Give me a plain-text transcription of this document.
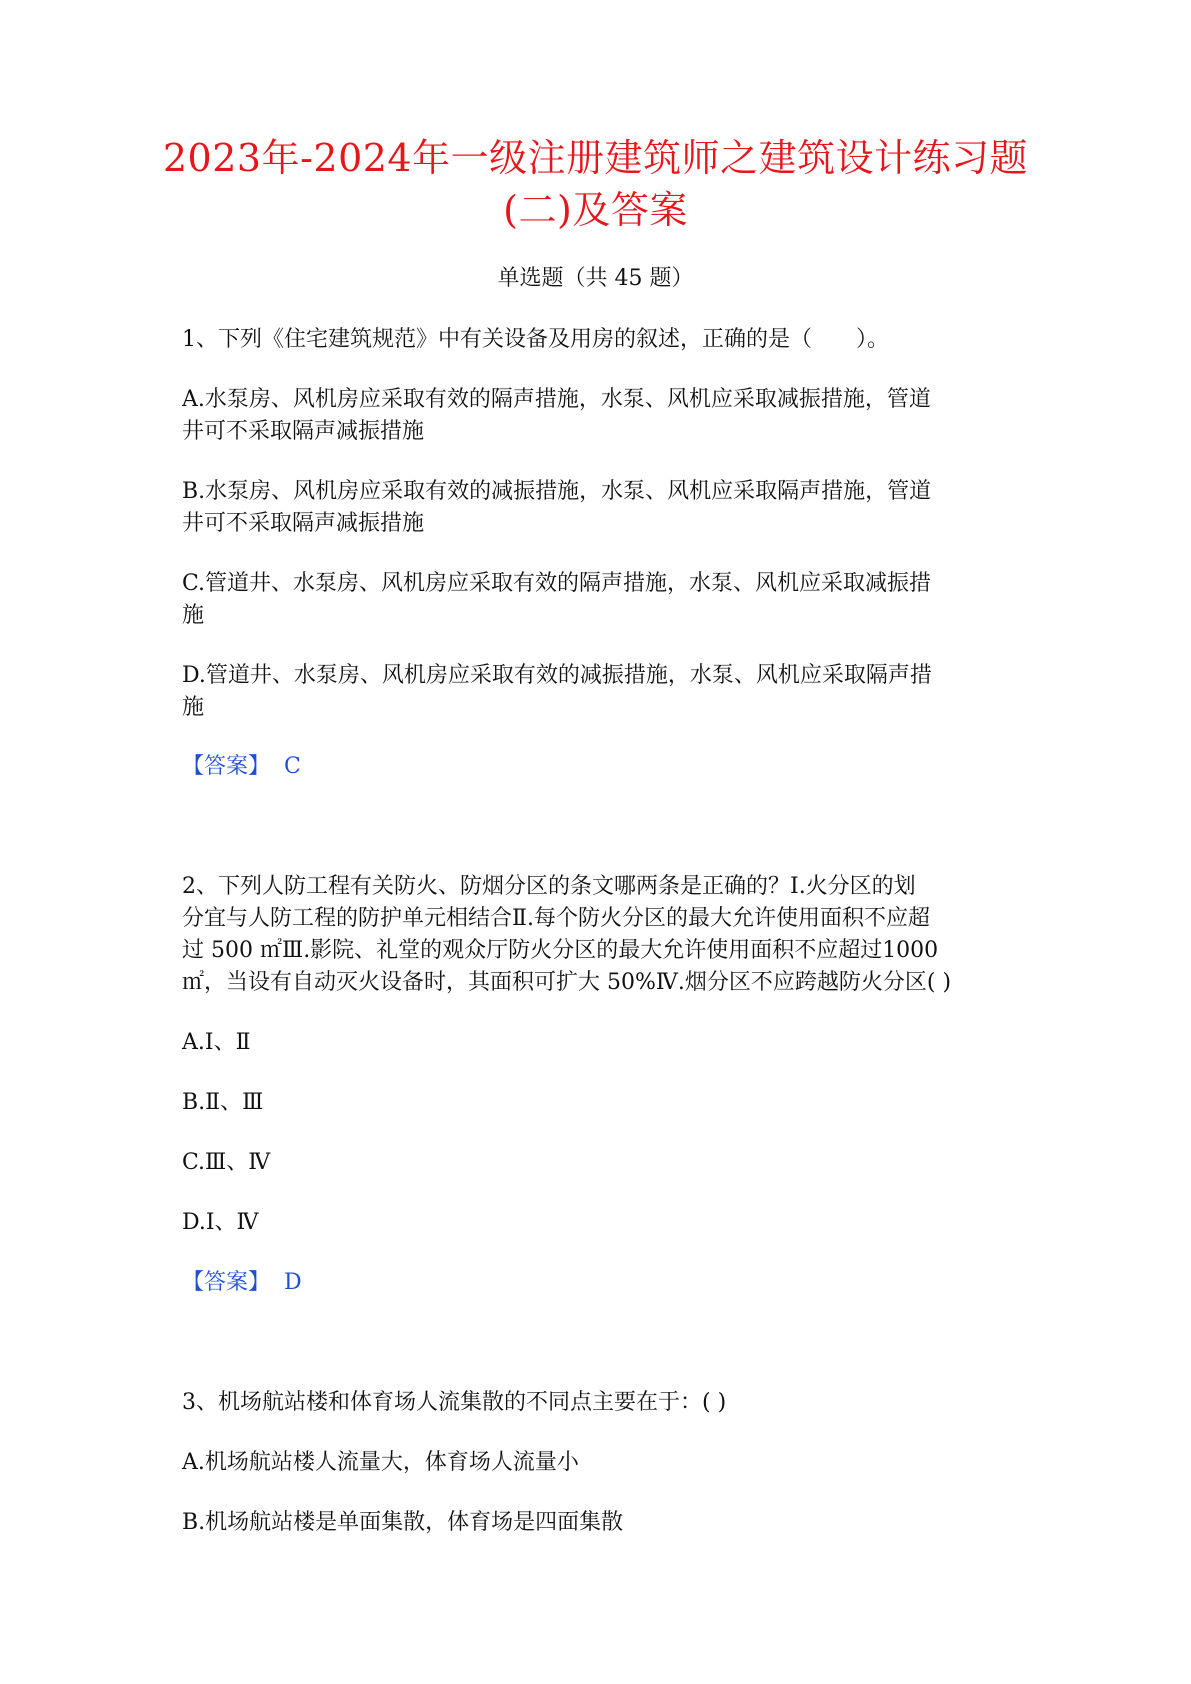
2023年-2024年一级注册建筑师之建筑设计练习题
(二)及答案
单选题（共 45 题）
1、下列《住宅建筑规范》中有关设备及用房的叙述，正确的是（　　）。
A.水泵房、风机房应采取有效的隔声措施，水泵、风机应采取减振措施，管道
井可不采取隔声减振措施
B.水泵房、风机房应采取有效的减振措施，水泵、风机应采取隔声措施，管道
井可不采取隔声减振措施
C.管道井、水泵房、风机房应采取有效的隔声措施，水泵、风机应采取减振措
施
D.管道井、水泵房、风机房应采取有效的减振措施，水泵、风机应采取隔声措
施
【答案】 C
2、下列人防工程有关防火、防烟分区的条文哪两条是正确的？Ⅰ.火分区的划
分宜与人防工程的防护单元相结合Ⅱ.每个防火分区的最大允许使用面积不应超
过 500 ㎡Ⅲ.影院、礼堂的观众厅防火分区的最大允许使用面积不应超过1000
㎡，当设有自动灭火设备时，其面积可扩大 50%Ⅳ.烟分区不应跨越防火分区( )
A.Ⅰ、Ⅱ
B.Ⅱ、Ⅲ
C.Ⅲ、Ⅳ
D.Ⅰ、Ⅳ
【答案】 D
3、机场航站楼和体育场人流集散的不同点主要在于：( )
A.机场航站楼人流量大，体育场人流量小
B.机场航站楼是单面集散，体育场是四面集散
